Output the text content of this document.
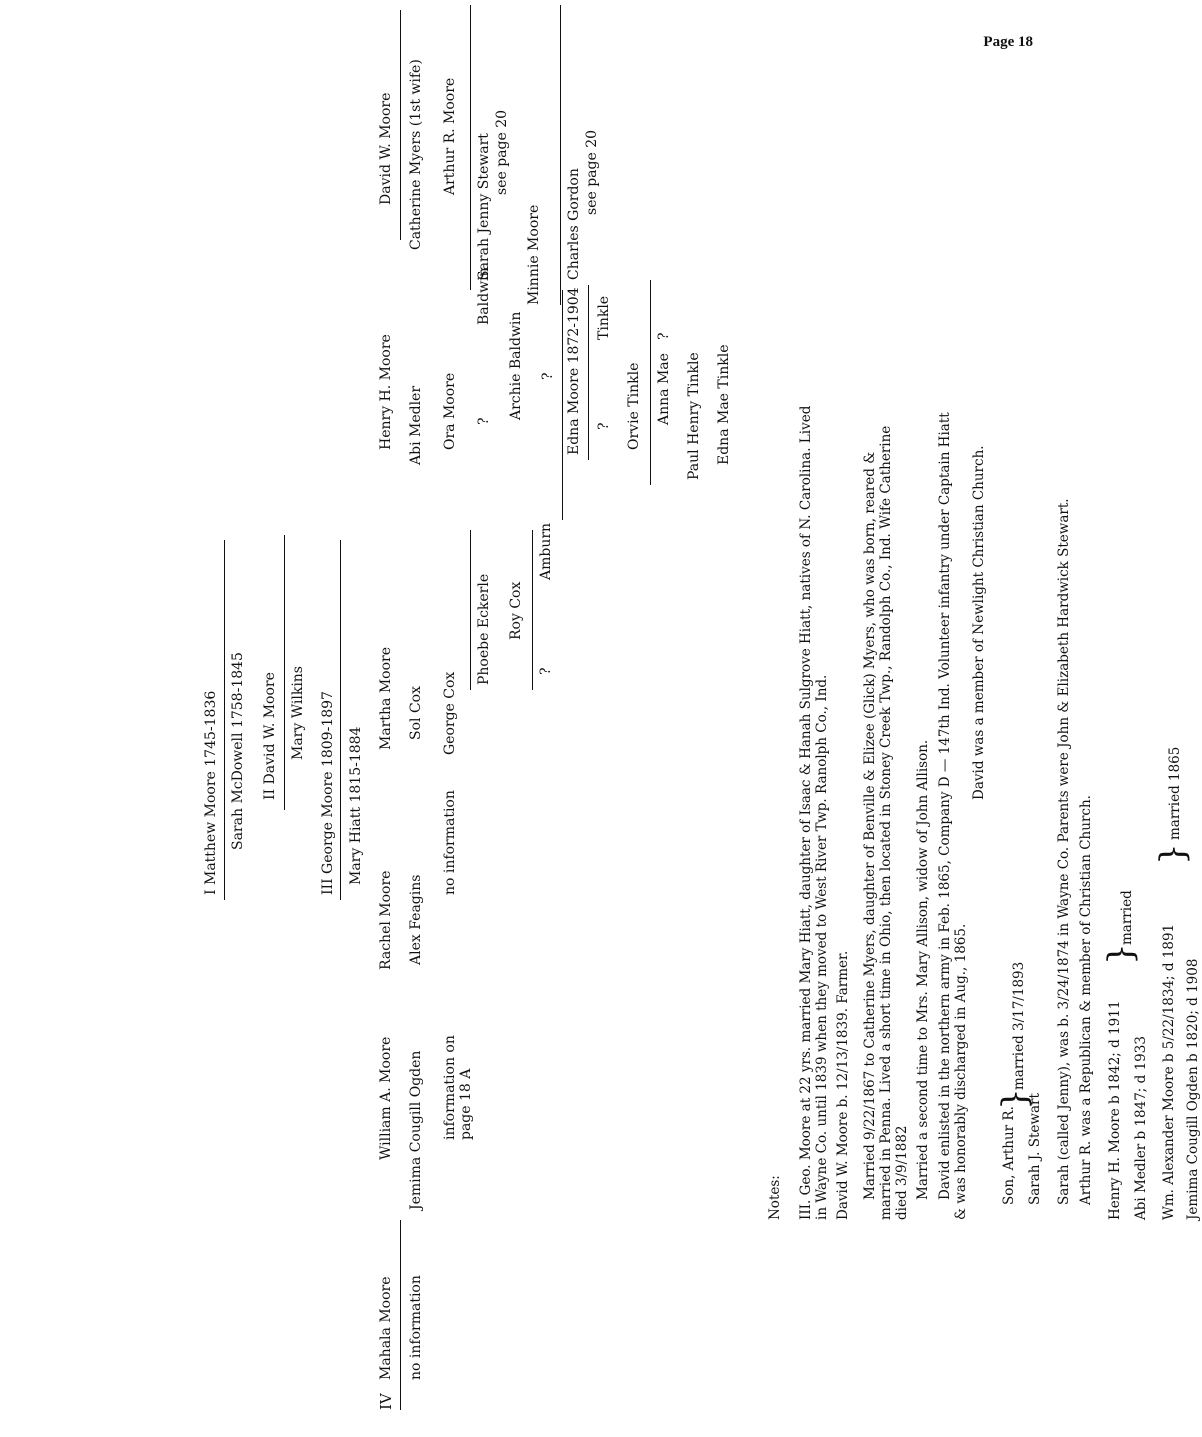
Page 18
I Matthew Moore 1745-1836 Sarah McDowell 1758-1845 II David W. Moore Mary Wilkins III George Moore 1809-1897 Mary Hiatt 1815-1884
IV
Mahala Moore no information
William A. Moore Jemima Cougill Ogden information on page 18 A
Rachel Moore Alex Feagins
no information
Martha Moore Sol Cox George Cox
Henry H. Moore Abi Medler Ora Moore
David W. Moore Catherine Myers (1st wife) Arthur R. Moore
Phoebe Eckerle Roy Cox
?
Amburn
?
Baldwin
Archie Baldwin ? Edna Moore 1872-1904 ?
Tinkle
Orvie Tinkle Anna Mae
?
Paul Henry Tinkle Edna Mae Tinkle
Sarah Jenny Stewart see page 20
Minnie Moore Charles Gordon see page 20
Notes: III. Geo. Moore at 22 yrs. married Mary Hiatt, daughter of Isaac & Hanah Sulgrove Hiatt, natives of N. Carolina. Lived in Wayne Co. until 1839 when they moved to West River Twp. Ranolph Co., Ind. David W. Moore b. 12/13/1839. Farmer. Married 9/22/1867 to Catherine Myers, daughter of Benville & Elizee (Glick) Myers, who was born, reared & married in Penna. Lived a short time in Ohio, then located in Stoney Creek Twp., Randolph Co., Ind. Wife Catherine died 3/9/1882 Married a second time to Mrs. Mary Allison, widow of John Allison. David enlisted in the northern army in Feb. 1865, Company D — 147th Ind. Volunteer infantry under Captain Hiatt & was honorably discharged in Aug., 1865.
David was a member of Newlight Christian Church.
Son, Arthur R. Sarah J. Stewart
}
married 3/17/1893 Sarah (called Jenny), was b. 3/24/1874 in Wayne Co. Parents were John & Elizabeth Hardwick Stewart. Arthur R. was a Republican & member of Christian Church. Henry H. Moore b 1842; d 1911 Abi Medler b 1847; d 1933
}
married
Wm. Alexander Moore b 5/22/1834; d 1891 Jemima Cougill Ogden b 1820; d 1908
}
married 1865
